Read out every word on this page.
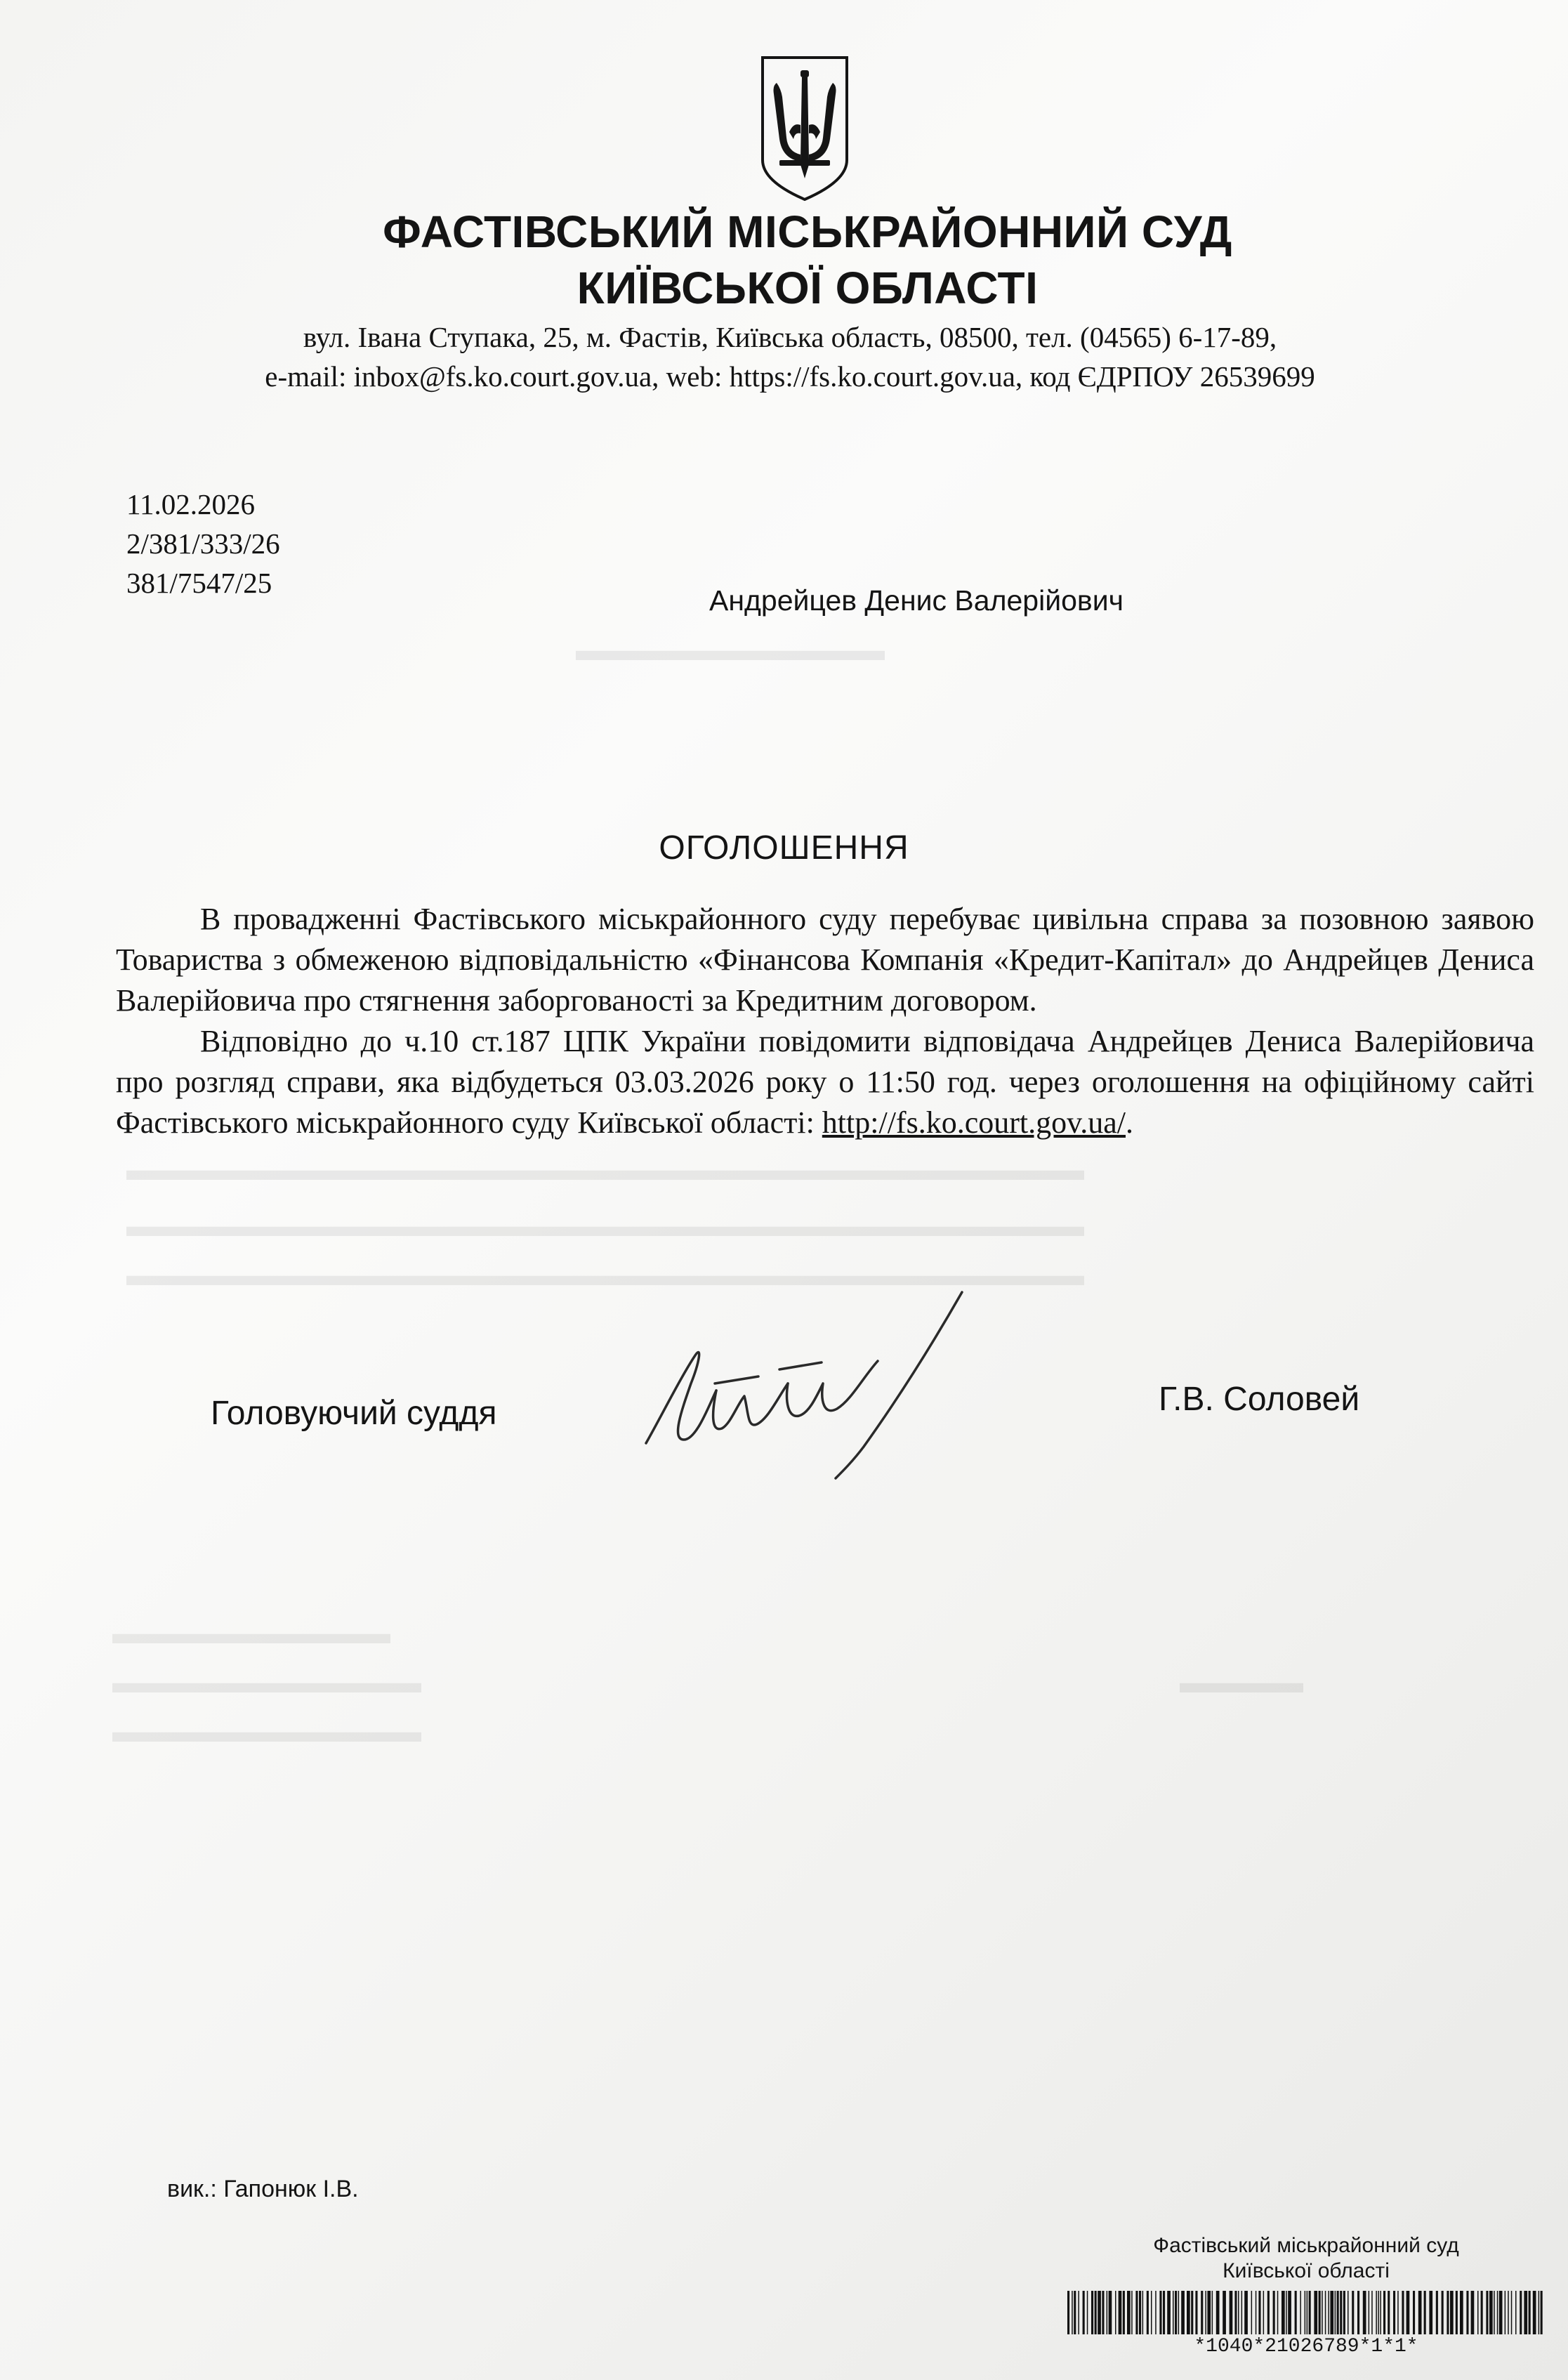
▬▬▬▬▬▬▬▬▬▬
▬▬▬▬▬▬▬▬▬▬▬▬▬▬▬▬▬▬▬▬▬▬▬▬▬▬▬▬▬▬▬
▬▬▬▬▬▬▬▬▬▬▬▬▬▬▬▬▬▬▬▬▬▬▬▬▬▬▬▬▬▬▬
▬▬▬▬▬▬▬▬▬▬▬▬▬▬▬▬▬▬▬▬▬▬▬▬▬▬▬▬▬▬▬
▬▬▬▬▬▬▬▬▬
▬▬▬▬▬▬▬▬▬▬	▬▬▬▬
▬▬▬▬▬▬▬▬▬▬
ФАСТІВСЬКИЙ МІСЬКРАЙОННИЙ СУД
КИЇВСЬКОЇ ОБЛАСТІ
вул. Івана Ступака, 25, м. Фастів, Київська область, 08500, тел. (04565) 6-17-89,
e-mail: inbox@fs.ko.court.gov.ua, web: https://fs.ko.court.gov.ua, код ЄДРПОУ 26539699
11.02.2026
2/381/333/26
381/7547/25
Андрейцев Денис Валерійович
ОГОЛОШЕННЯ

В провадженні Фастівського міськрайонного суду перебуває цивільна справа за позовною заявою Товариства з обмеженою відповідальністю «Фінансова Компанія «Кредит-Капітал» до Андрейцев Дениса Валерійовича про стягнення заборгованості за Кредитним договором.

Відповідно до ч.10 ст.187 ЦПК України повідомити відповідача Андрейцев Дениса Валерійовича про розгляд справи, яка відбудеться 03.03.2026 року о 11:50 год. через оголошення на офіційному сайті Фастівського міськрайонного суду Київської області: http://fs.ko.court.gov.ua/.

Головуючий суддя	Г.В. Соловей
вик.: Гапонюк І.В.
Фастівський міськрайонний суд
Київської області
*1040*21026789*1*1*
